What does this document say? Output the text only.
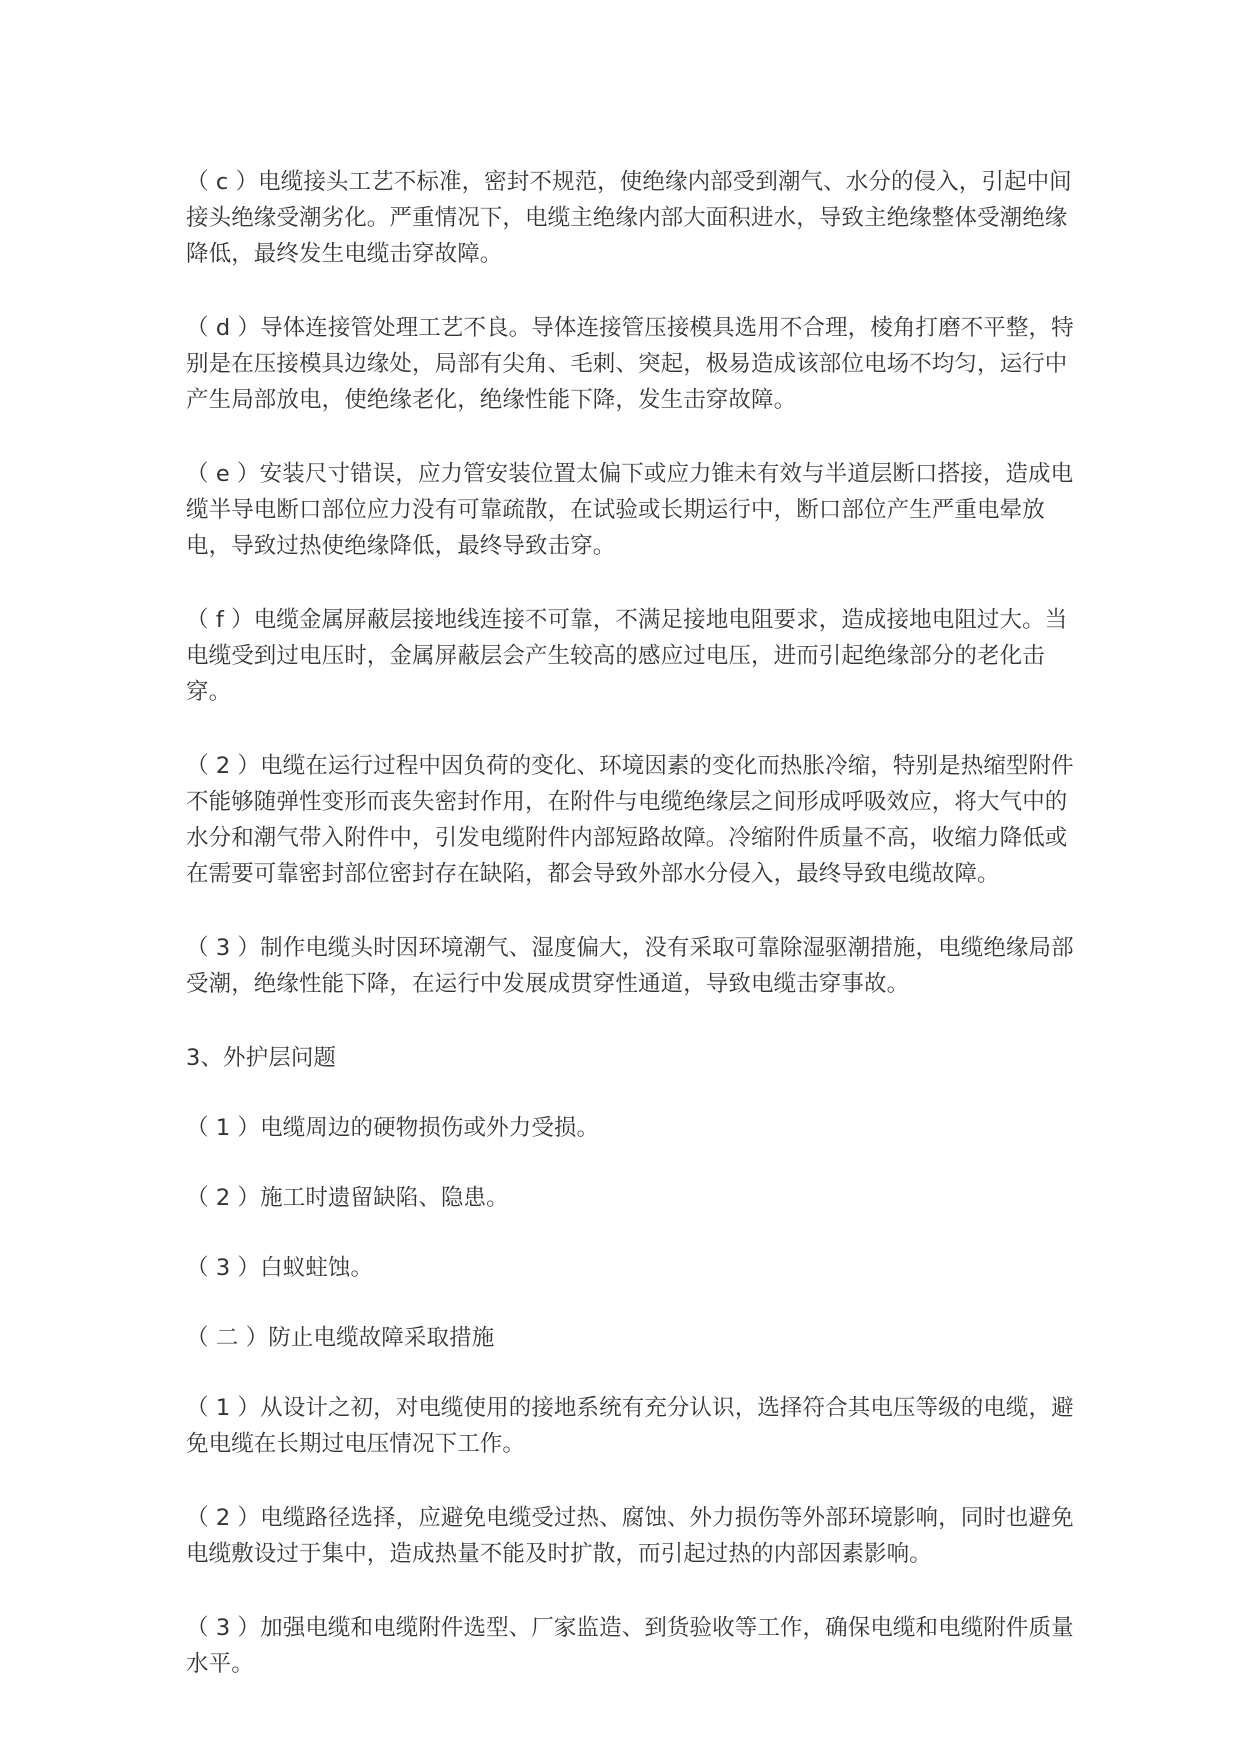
（ c ）电缆接头工艺不标准，密封不规范，使绝缘内部受到潮气、水分的侵入，引起中间接头绝缘受潮劣化。严重情况下，电缆主绝缘内部大面积进水，导致主绝缘整体受潮绝缘降低，最终发生电缆击穿故障。

（ d ）导体连接管处理工艺不良。导体连接管压接模具选用不合理，棱角打磨不平整，特别是在压接模具边缘处，局部有尖角、毛刺、突起，极易造成该部位电场不均匀，运行中产生局部放电，使绝缘老化，绝缘性能下降，发生击穿故障。

（ e ）安装尺寸错误，应力管安装位置太偏下或应力锥未有效与半道层断口搭接，造成电缆半导电断口部位应力没有可靠疏散，在试验或长期运行中，断口部位产生严重电晕放电，导致过热使绝缘降低，最终导致击穿。

（ f ）电缆金属屏蔽层接地线连接不可靠，不满足接地电阻要求，造成接地电阻过大。当电缆受到过电压时，金属屏蔽层会产生较高的感应过电压，进而引起绝缘部分的老化击穿。

（ 2 ）电缆在运行过程中因负荷的变化、环境因素的变化而热胀冷缩，特别是热缩型附件不能够随弹性变形而丧失密封作用，在附件与电缆绝缘层之间形成呼吸效应，将大气中的水分和潮气带入附件中，引发电缆附件内部短路故障。冷缩附件质量不高，收缩力降低或在需要可靠密封部位密封存在缺陷，都会导致外部水分侵入，最终导致电缆故障。

（ 3 ）制作电缆头时因环境潮气、湿度偏大，没有采取可靠除湿驱潮措施，电缆绝缘局部受潮，绝缘性能下降，在运行中发展成贯穿性通道，导致电缆击穿事故。

3、外护层问题

（ 1 ）电缆周边的硬物损伤或外力受损。

（ 2 ）施工时遗留缺陷、隐患。

（ 3 ）白蚁蛀蚀。

（ 二 ）防止电缆故障采取措施

（ 1 ）从设计之初，对电缆使用的接地系统有充分认识，选择符合其电压等级的电缆，避免电缆在长期过电压情况下工作。

（ 2 ）电缆路径选择，应避免电缆受过热、腐蚀、外力损伤等外部环境影响，同时也避免电缆敷设过于集中，造成热量不能及时扩散，而引起过热的内部因素影响。

（ 3 ）加强电缆和电缆附件选型、厂家监造、到货验收等工作，确保电缆和电缆附件质量水平。
